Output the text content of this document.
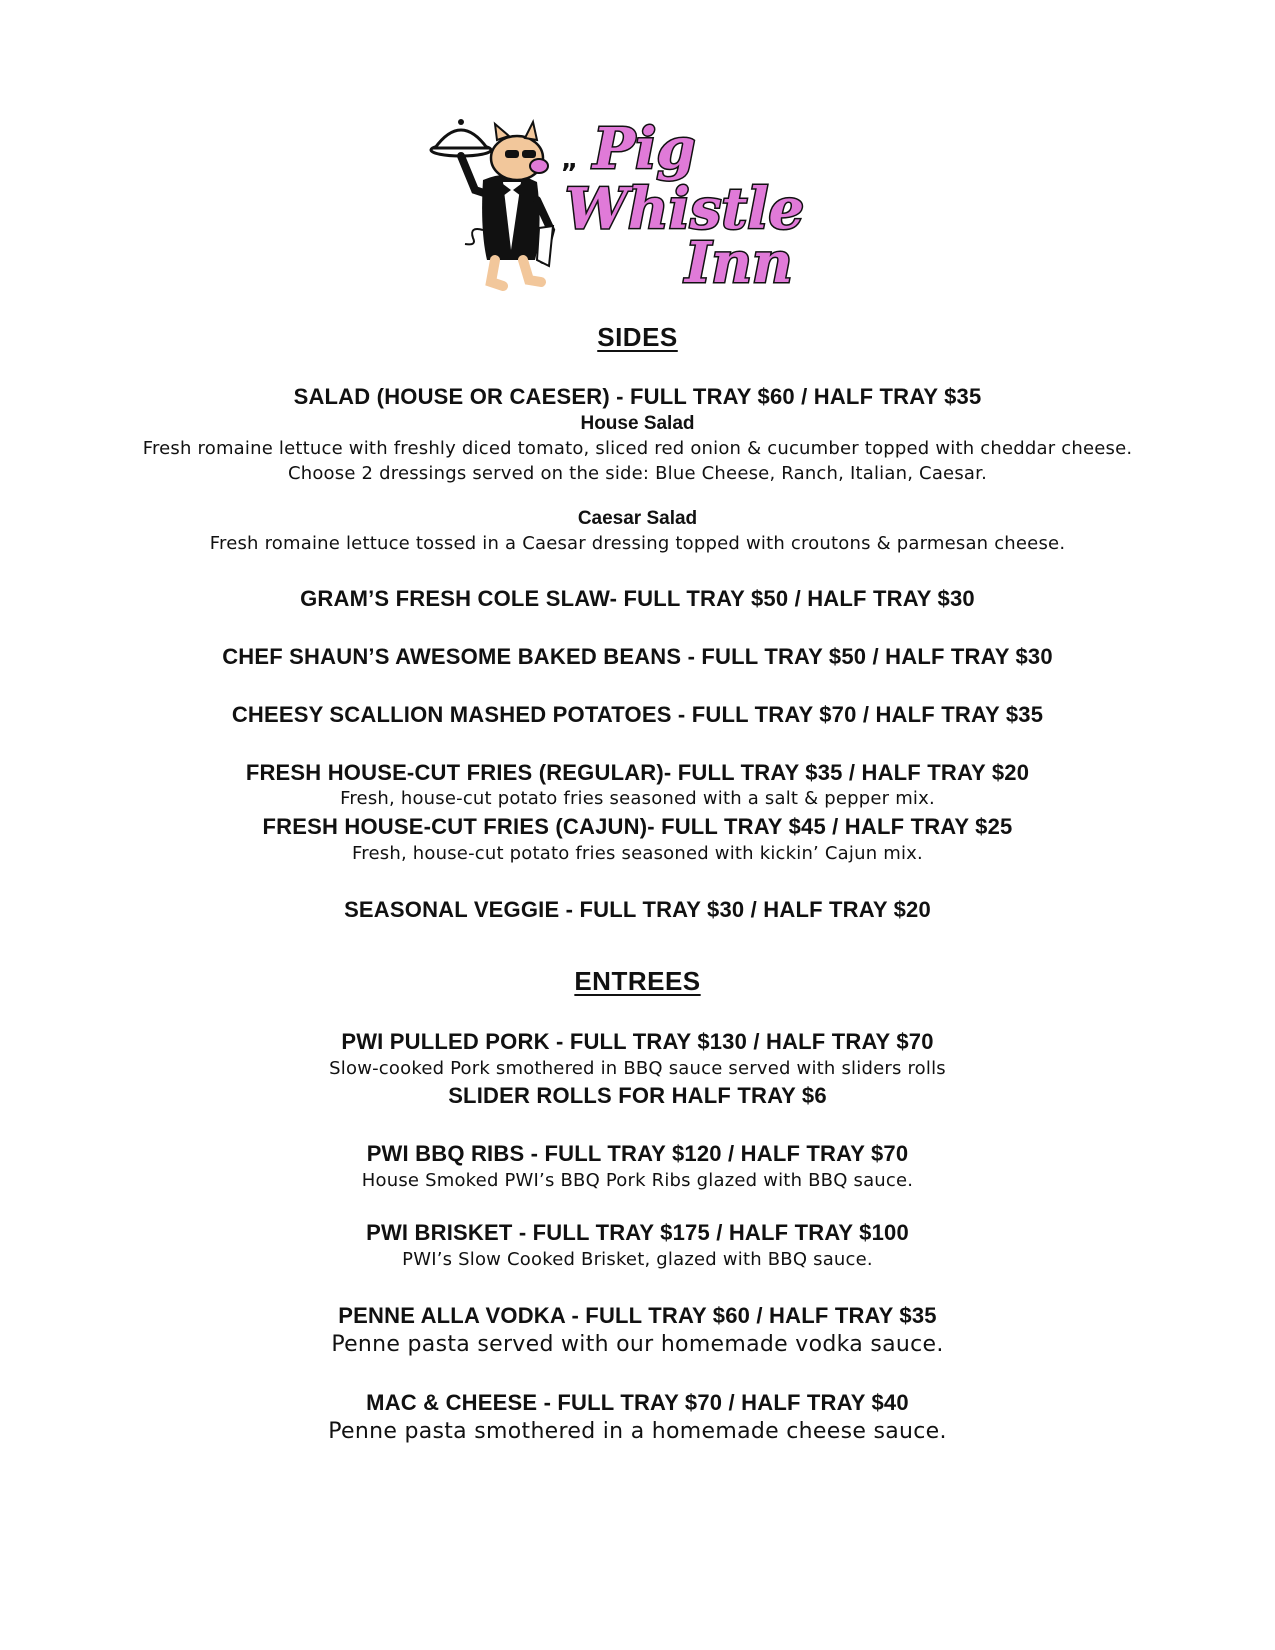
„ Pig
Whistle
Inn
SIDES
SALAD (HOUSE OR CAESER) - FULL TRAY $60 / HALF TRAY $35
House Salad
Fresh romaine lettuce with freshly diced tomato, sliced red onion & cucumber topped with cheddar cheese.
Choose 2 dressings served on the side: Blue Cheese, Ranch, Italian, Caesar.
Caesar Salad
Fresh romaine lettuce tossed in a Caesar dressing topped with croutons & parmesan cheese.
GRAM’S FRESH COLE SLAW- FULL TRAY $50 / HALF TRAY $30
CHEF SHAUN’S AWESOME BAKED BEANS - FULL TRAY $50 / HALF TRAY $30
CHEESY SCALLION MASHED POTATOES - FULL TRAY $70 / HALF TRAY $35
FRESH HOUSE-CUT FRIES (REGULAR)- FULL TRAY $35 / HALF TRAY $20
Fresh, house-cut potato fries seasoned with a salt & pepper mix.
FRESH HOUSE-CUT FRIES (CAJUN)- FULL TRAY $45 / HALF TRAY $25
Fresh, house-cut potato fries seasoned with kickin’ Cajun mix.
SEASONAL VEGGIE - FULL TRAY $30 / HALF TRAY $20
ENTREES
PWI PULLED PORK - FULL TRAY $130 / HALF TRAY $70
Slow-cooked Pork smothered in BBQ sauce served with sliders rolls
SLIDER ROLLS FOR HALF TRAY $6
PWI BBQ RIBS - FULL TRAY $120 / HALF TRAY $70
House Smoked PWI’s BBQ Pork Ribs glazed with BBQ sauce.
PWI BRISKET - FULL TRAY $175 / HALF TRAY $100
PWI’s Slow Cooked Brisket, glazed with BBQ sauce.
PENNE ALLA VODKA - FULL TRAY $60 / HALF TRAY $35
Penne pasta served with our homemade vodka sauce.
MAC & CHEESE - FULL TRAY $70 / HALF TRAY $40
Penne pasta smothered in a homemade cheese sauce.
